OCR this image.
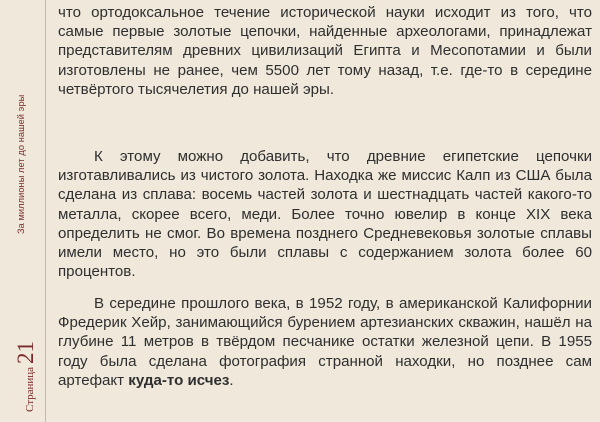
За миллионы лет до нашей эры
Страница21

что ортодоксальное течение исторической науки исходит из того, что самые первые золотые цепочки, найденные археологами, принадлежат представителям древних цивилизаций Египта и Месопотамии и были изготовлены не ранее, чем 5500 лет тому назад, т.е. где-то в середине четвёртого тысячелетия до нашей эры.

К этому можно добавить, что древние египетские цепочки изготавливались из чистого золота. Находка же миссис Калп из США была сделана из сплава: восемь частей золота и шестнадцать частей какого-то металла, скорее всего, меди. Более точно ювелир в конце XIX века определить не смог. Во времена позднего Средневековья золотые сплавы имели место, но это были сплавы с содержанием золота более 60 процентов.

В середине прошлого века, в 1952 году, в американской Калифорнии Фредерик Хейр, занимающийся бурением артезианских скважин, нашёл на глубине 11 метров в твёрдом песчанике остатки железной цепи. В 1955 году была сделана фотография странной находки, но позднее сам артефакт куда-то исчез.
